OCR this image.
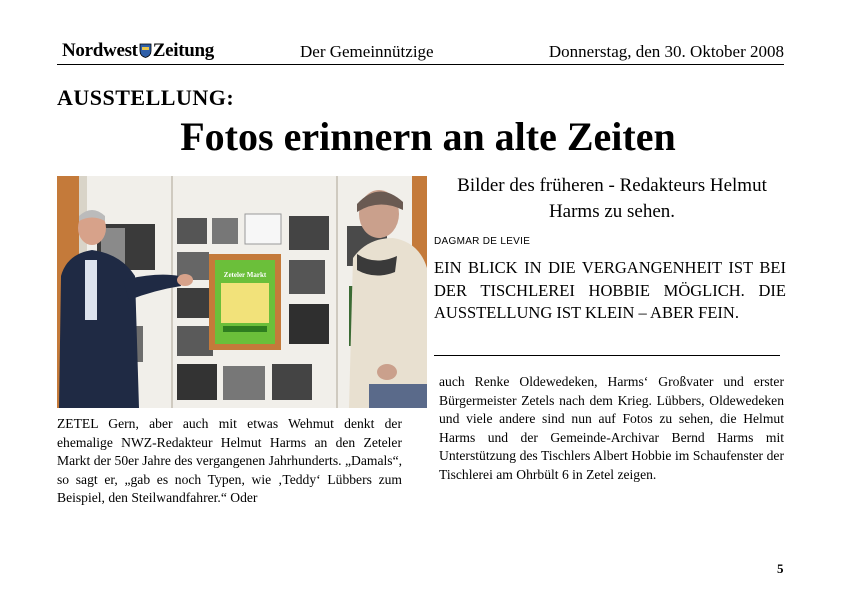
Nordwest Zeitung	Der Gemeinnützige	Donnerstag, den 30. Oktober 2008
AUSSTELLUNG:
Fotos erinnern an alte Zeiten
Zeteler Markt
Bilder des früheren - Redakteurs Helmut Harms zu sehen.
DAGMAR DE LEVIE
EIN BLICK IN DIE VERGANGENHEIT IST BEI DER TISCHLEREI HOBBIE MÖGLICH. DIE AUSSTELLUNG IST KLEIN – ABER FEIN.
ZETEL Gern, aber auch mit etwas Wehmut denkt der ehemalige NWZ-Redakteur Helmut Harms an den Zeteler Markt der 50er Jahre des vergangenen Jahrhunderts. „Damals“, so sagt er, „gab es noch Typen, wie ‚Teddy‘ Lübbers zum Beispiel, den Steilwandfahrer.“ Oder
auch Renke Oldewedeken, Harms‘ Großvater und erster Bürgermeister Zetels nach dem Krieg. Lübbers, Oldewedeken und viele andere sind nun auf Fotos zu sehen, die Helmut Harms und der Gemeinde-Archivar Bernd Harms mit Unterstützung des Tischlers Albert Hobbie im Schaufenster der Tischlerei am Ohrbült 6 in Zetel zeigen.
5
